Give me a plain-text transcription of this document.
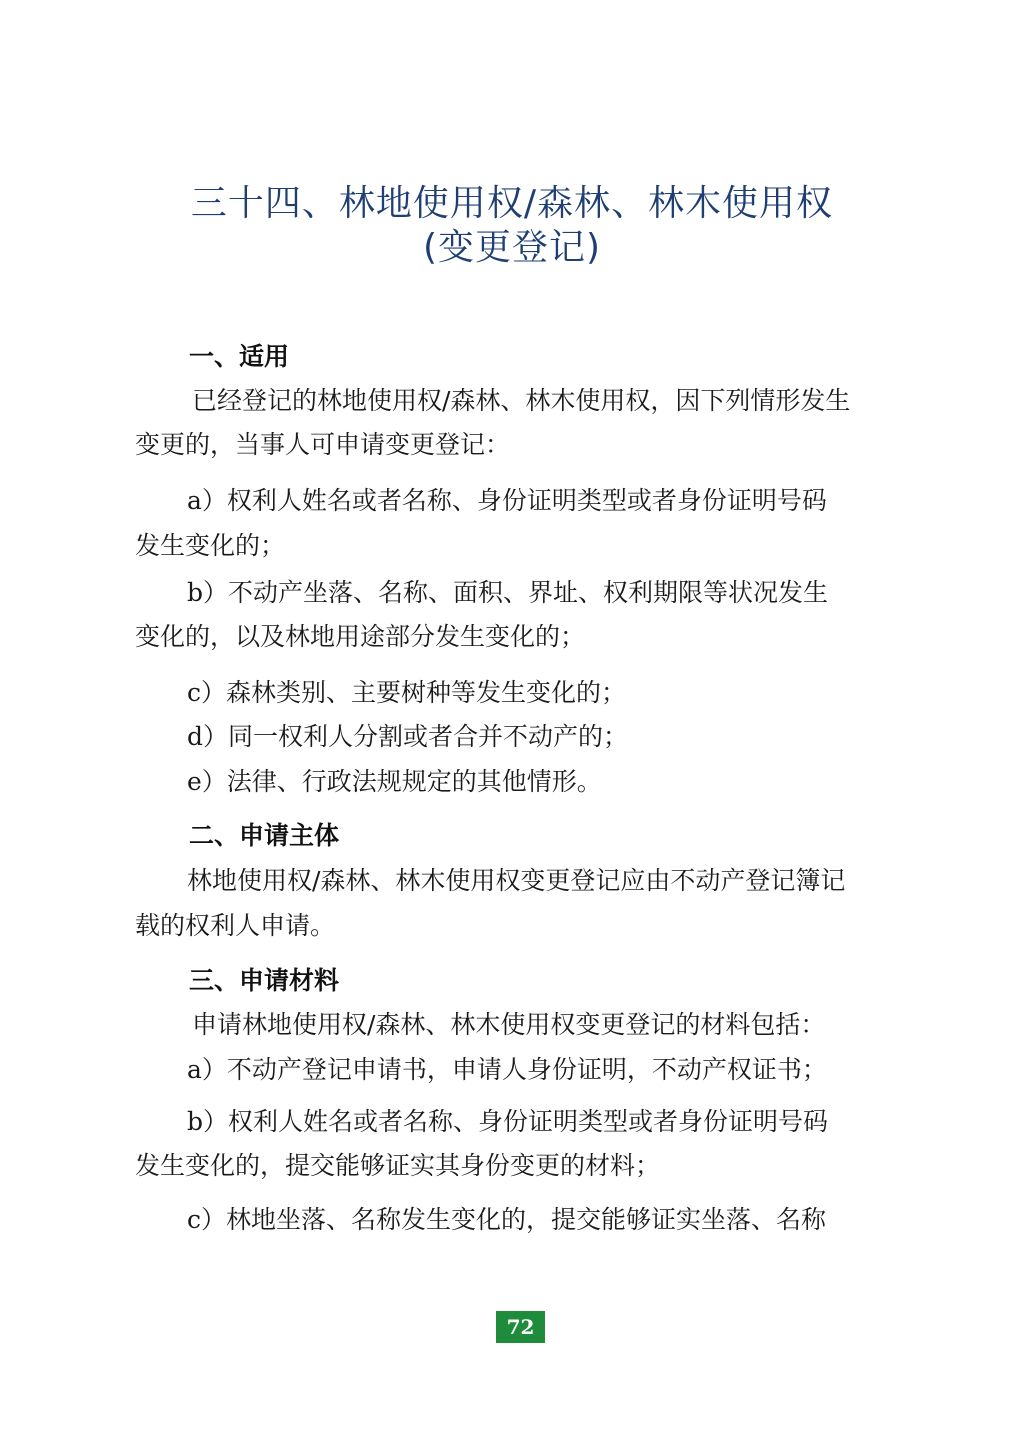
三十四、林地使用权/森林、林木使用权
(变更登记)
一、适用
已经登记的林地使用权/森林、林木使用权，因下列情形发生
变更的，当事人可申请变更登记：
a）权利人姓名或者名称、身份证明类型或者身份证明号码
发生变化的；
b）不动产坐落、名称、面积、界址、权利期限等状况发生
变化的，以及林地用途部分发生变化的；
c）森林类别、主要树种等发生变化的；
d）同一权利人分割或者合并不动产的；
e）法律、行政法规规定的其他情形。
二、申请主体
林地使用权/森林、林木使用权变更登记应由不动产登记簿记
载的权利人申请。
三、申请材料
申请林地使用权/森林、林木使用权变更登记的材料包括：
a）不动产登记申请书，申请人身份证明，不动产权证书；
b）权利人姓名或者名称、身份证明类型或者身份证明号码
发生变化的，提交能够证实其身份变更的材料；
c）林地坐落、名称发生变化的，提交能够证实坐落、名称
72
